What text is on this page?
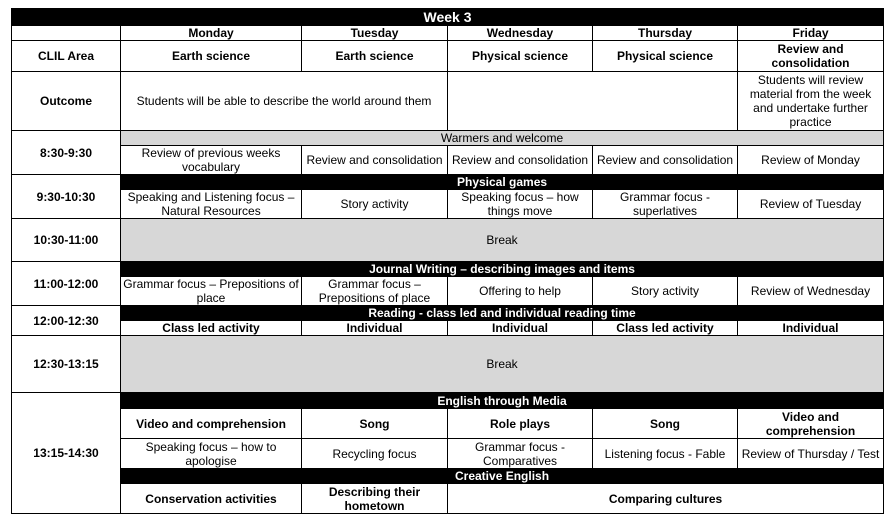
Week 3					
	Monday	Tuesday	Wednesday	Thursday	Friday
CLIL Area	Earth science	Earth science	Physical science	Physical science	Review and consolidation
Outcome	Students will be able to describe the world around them				Students will review material from the week and undertake further practice
8:30-9:30	Warmers and welcome				
	Review of previous weeks vocabulary	Review and consolidation	Review and consolidation	Review and consolidation	Review of Monday
9:30-10:30	Physical games				
	Speaking and Listening focus – Natural Resources	Story activity	Speaking focus – how things move	Grammar focus - superlatives	Review of Tuesday
10:30-11:00	Break				
11:00-12:00	Journal Writing – describing images and items				
	Grammar focus – Prepositions of place	Grammar focus – Prepositions of place	Offering to help	Story activity	Review of Wednesday
12:00-12:30	Reading - class led and individual reading time				
	Class led activity	Individual	Individual	Class led activity	Individual
12:30-13:15	Break				
13:15-14:30	English through Media				
	Video and comprehension	Song	Role plays	Song	Video and comprehension
	Speaking focus – how to apologise	Recycling focus	Grammar focus - Comparatives	Listening focus - Fable	Review of Thursday / Test
	Creative English				
	Conservation activities	Describing their hometown	Comparing cultures		
